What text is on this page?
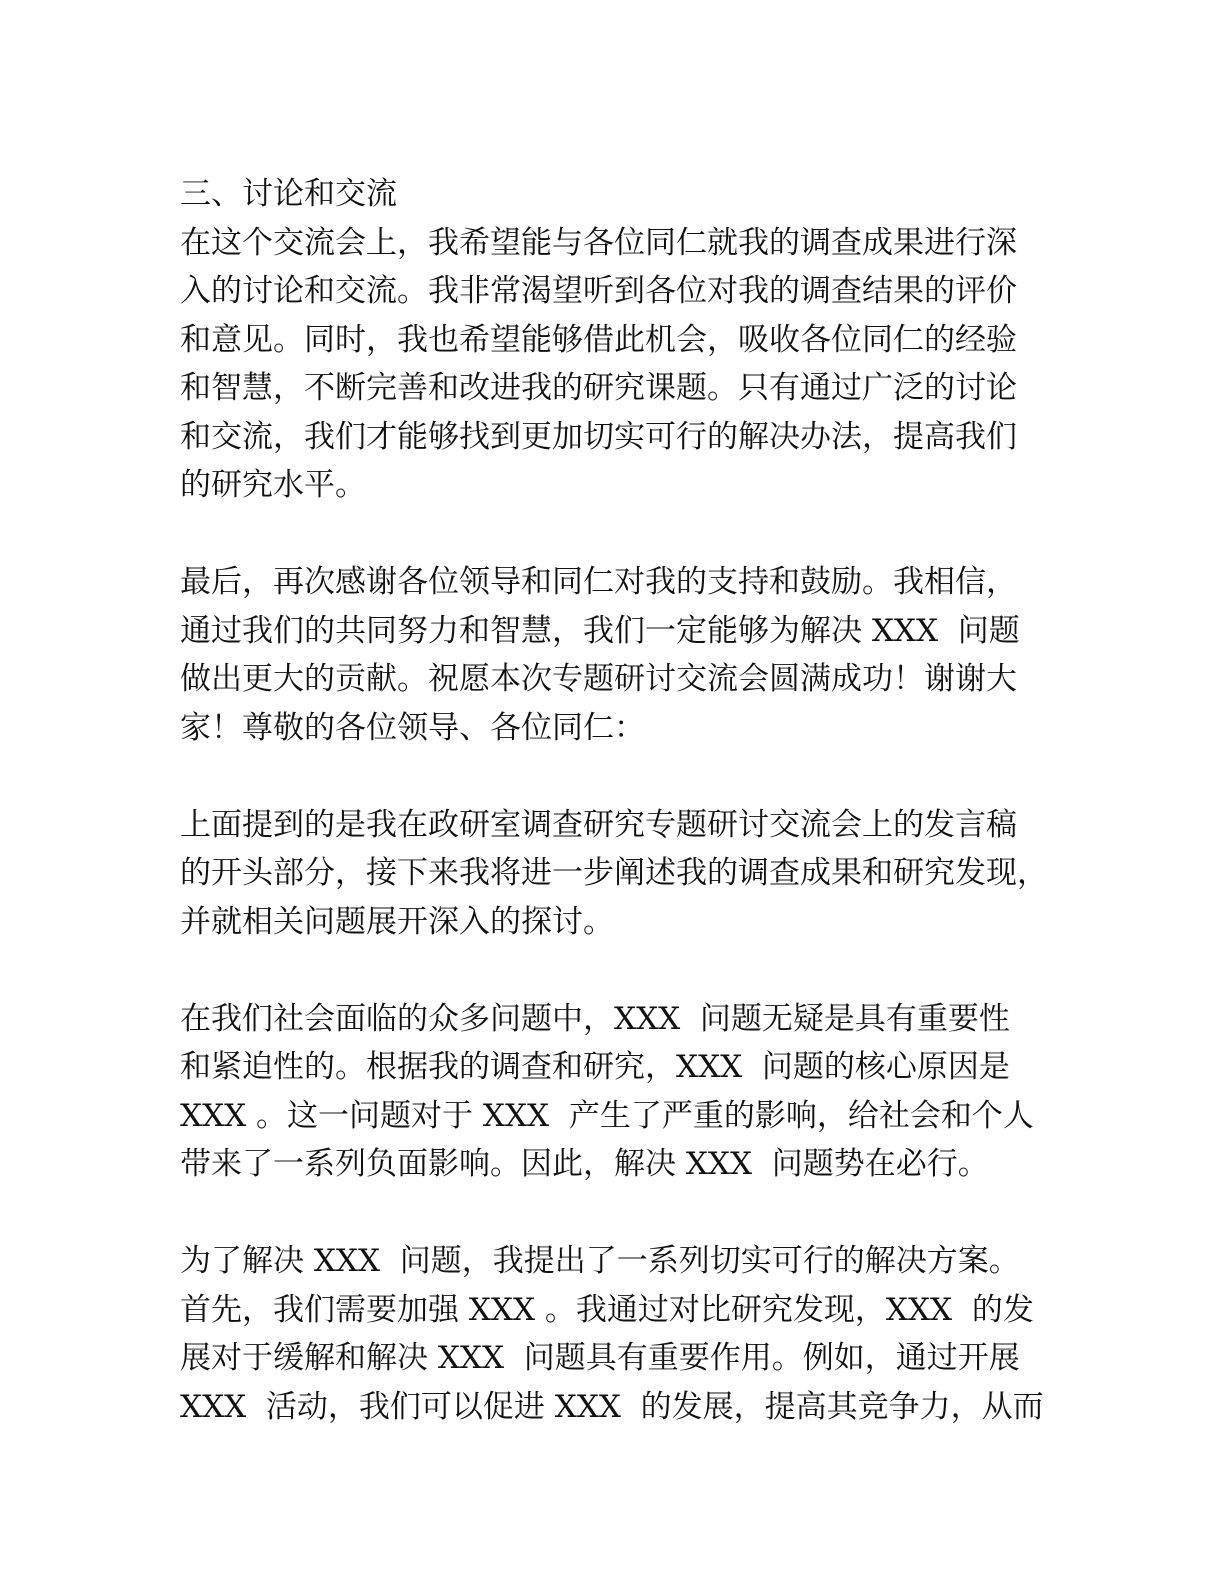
三、讨论和交流
在这个交流会上，我希望能与各位同仁就我的调查成果进行深
入的讨论和交流。我非常渴望听到各位对我的调查结果的评价
和意见。同时，我也希望能够借此机会，吸收各位同仁的经验
和智慧，不断完善和改进我的研究课题。只有通过广泛的讨论
和交流，我们才能够找到更加切实可行的解决办法，提高我们
的研究水平。
最后，再次感谢各位领导和同仁对我的支持和鼓励。我相信，
通过我们的共同努力和智慧，我们一定能够为解决 XXX  问题
做出更大的贡献。祝愿本次专题研讨交流会圆满成功！谢谢大
家！尊敬的各位领导、各位同仁：
上面提到的是我在政研室调查研究专题研讨交流会上的发言稿
的开头部分，接下来我将进一步阐述我的调查成果和研究发现，
并就相关问题展开深入的探讨。
在我们社会面临的众多问题中，XXX  问题无疑是具有重要性
和紧迫性的。根据我的调查和研究，XXX  问题的核心原因是
XXX 。这一问题对于 XXX  产生了严重的影响，给社会和个人
带来了一系列负面影响。因此，解决 XXX  问题势在必行。
为了解决 XXX  问题，我提出了一系列切实可行的解决方案。
首先，我们需要加强 XXX 。我通过对比研究发现，XXX  的发
展对于缓解和解决 XXX  问题具有重要作用。例如，通过开展
XXX  活动，我们可以促进 XXX  的发展，提高其竞争力，从而
